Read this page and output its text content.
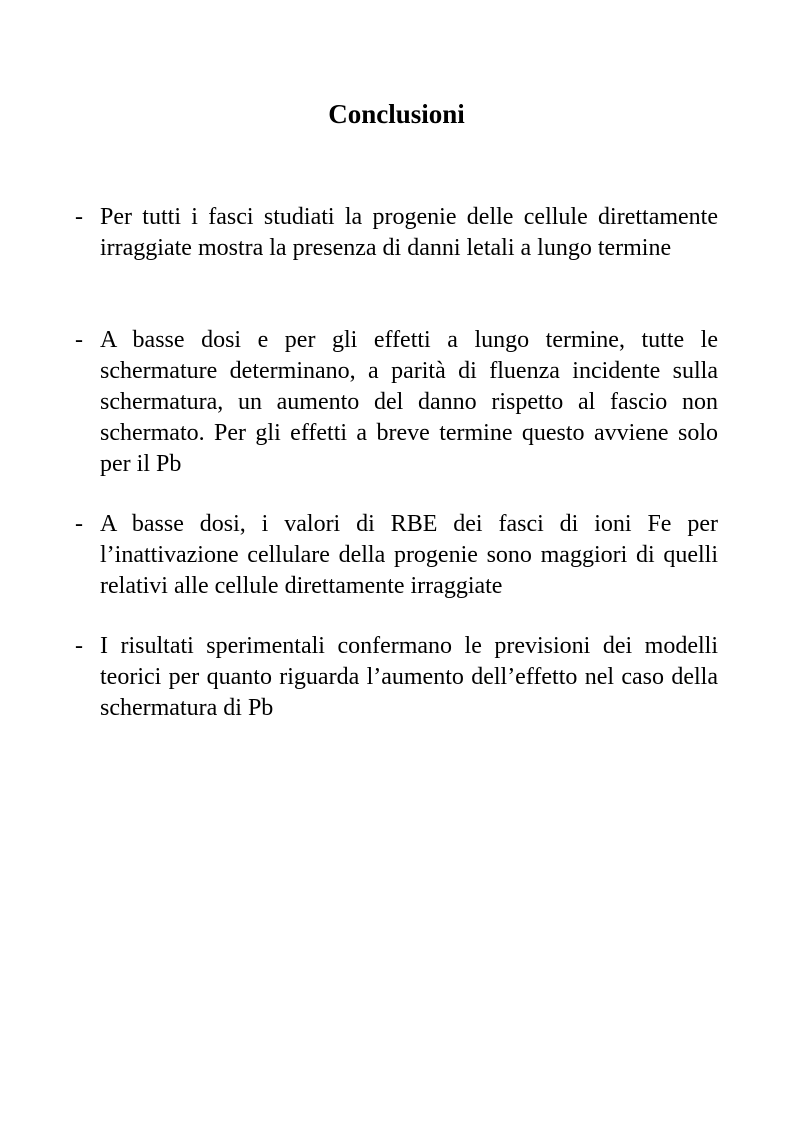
Conclusioni
- Per tutti i fasci studiati la progenie delle cellule direttamente irraggiate mostra la presenza di danni letali a lungo termine

- A basse dosi e per gli effetti a lungo termine, tutte le schermature determinano, a parità di fluenza incidente sulla schermatura, un aumento del danno rispetto al fascio non schermato. Per gli effetti a breve termine questo avviene solo per il Pb

- A basse dosi, i valori di RBE dei fasci di ioni Fe per l’inattivazione cellulare della progenie sono maggiori di quelli relativi alle cellule direttamente irraggiate

- I risultati sperimentali confermano le previsioni dei modelli teorici per quanto riguarda l’aumento dell’effetto nel caso della schermatura di Pb
